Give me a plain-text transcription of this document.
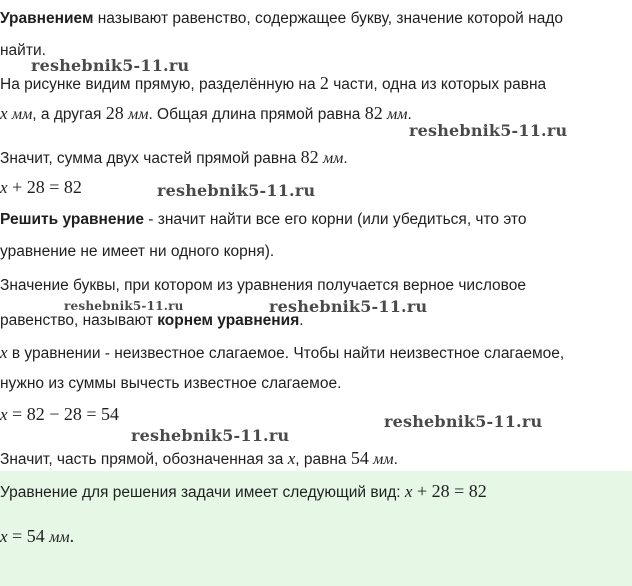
Уравнением называют равенство, содержащее букву, значение которой надо
найти.
На рисунке видим прямую, разделённую на 2 части, одна из которых равна
x мм, а другая 28 мм. Общая длина прямой равна 82 мм.
Значит, сумма двух частей прямой равна 82 мм.
x + 28 = 82
Решить уравнение - значит найти все его корни (или убедиться, что это
уравнение не имеет ни одного корня).
Значение буквы, при котором из уравнения получается верное числовое
равенство, называют корнем уравнения.
x в уравнении - неизвестное слагаемое. Чтобы найти неизвестное слагаемое,
нужно из суммы вычесть известное слагаемое.
x = 82 − 28 = 54
Значит, часть прямой, обозначенная за x, равна 54 мм.
Уравнение для решения задачи имеет следующий вид: x + 28 = 82
x = 54 мм.
reshebnik5-11.ru
reshebnik5-11.ru
reshebnik5-11.ru
reshebnik5-11.ru	reshebnik5-11.ru
reshebnik5-11.ru
reshebnik5-11.ru
